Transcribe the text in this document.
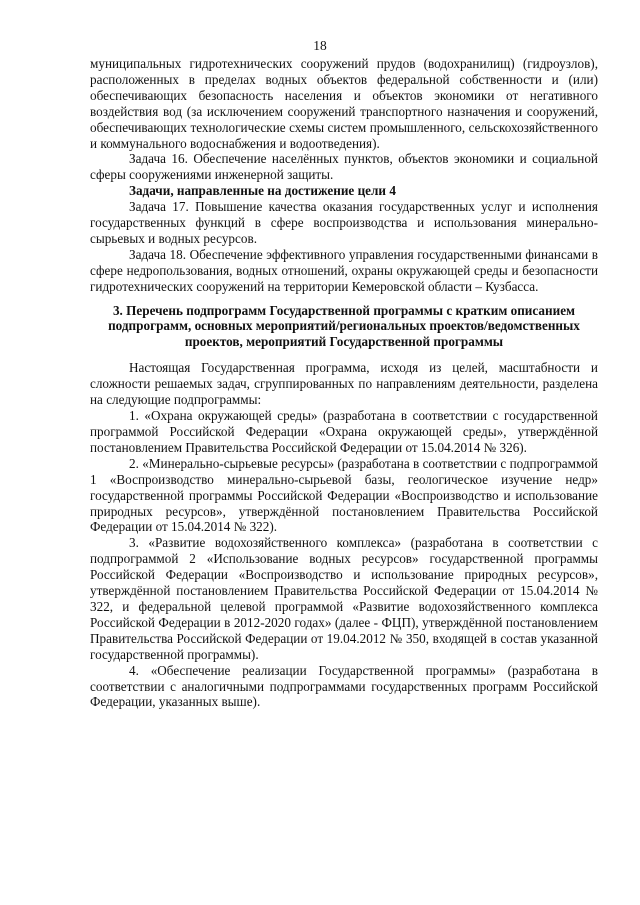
18

муниципальных гидротехнических сооружений прудов (водохранилищ) (гидроузлов), расположенных в пределах водных объектов федеральной собственности и (или) обеспечивающих безопасность населения и объектов экономики от негативного воздействия вод (за исключением сооружений транспортного назначения и сооружений, обеспечивающих технологические схемы систем промышленного, сельскохозяйственного и коммунального водоснабжения и водоотведения).

Задача 16. Обеспечение населённых пунктов, объектов экономики и социальной сферы сооружениями инженерной защиты.

Задачи, направленные на достижение цели 4

Задача 17. Повышение качества оказания государственных услуг и исполнения государственных функций в сфере воспроизводства и использования минерально-сырьевых и водных ресурсов.

Задача 18. Обеспечение эффективного управления государственными финансами в сфере недропользования, водных отношений, охраны окружающей среды и безопасности гидротехнических сооружений на территории Кемеровской области – Кузбасса.

3. Перечень подпрограмм Государственной программы с кратким описанием подпрограмм, основных мероприятий/региональных проектов/ведомственных проектов, мероприятий Государственной программы

Настоящая Государственная программа, исходя из целей, масштабности и сложности решаемых задач, сгруппированных по направлениям деятельности, разделена на следующие подпрограммы:

1. «Охрана окружающей среды» (разработана в соответствии с государственной программой Российской Федерации «Охрана окружающей среды», утверждённой постановлением Правительства Российской Федерации от 15.04.2014 № 326).

2. «Минерально-сырьевые ресурсы» (разработана в соответствии с подпрограммой 1 «Воспроизводство минерально-сырьевой базы, геологическое изучение недр» государственной программы Российской Федерации «Воспроизводство и использование природных ресурсов», утверждённой постановлением Правительства Российской Федерации от 15.04.2014 № 322).

3. «Развитие водохозяйственного комплекса» (разработана в соответствии с подпрограммой 2 «Использование водных ресурсов» государственной программы Российской Федерации «Воспроизводство и использование природных ресурсов», утверждённой постановлением Правительства Российской Федерации от 15.04.2014 № 322, и федеральной целевой программой «Развитие водохозяйственного комплекса Российской Федерации в 2012-2020 годах» (далее - ФЦП), утверждённой постановлением Правительства Российской Федерации от 19.04.2012 № 350, входящей в состав указанной государственной программы).

4. «Обеспечение реализации Государственной программы» (разработана в соответствии с аналогичными подпрограммами государственных программ Российской Федерации, указанных выше).
